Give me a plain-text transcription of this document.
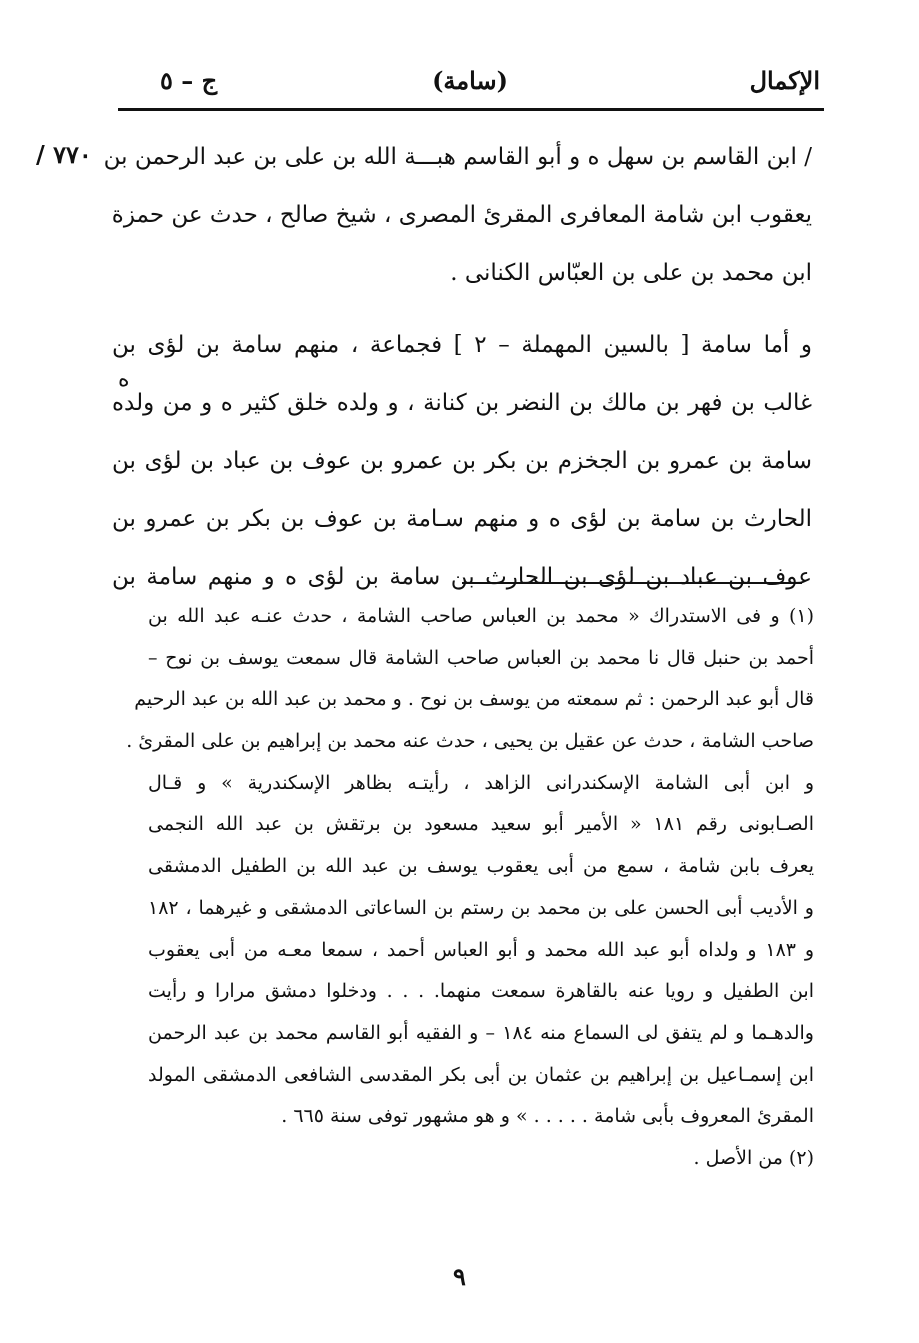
الإكمال
(سامة)
ج – ٥
٧٧٠ / / ابن القاسم بن سهل ه و أبو القاسم هبـــة الله بن على بن عبد الرحمن بن
يعقوب ابن شامة المعافرى المقرئ المصرى ، شيخ صالح ، حدث عن حمزة
ابن محمد بن على بن العبّاس الكنانى .
و أما سامة [ بالسين المهملة – ٢ ] فجماعة ، منهم سامة بن لؤى بن
غالب بن فهر بن مالك بن النضر بن كنانة ، و ولده خلق كثير ه و من ولده
سامة بن عمرو بن الجخزم بن بكر بن عمرو بن عوف بن عباد بن لؤى بن
الحارث بن سامة بن لؤى ه و منهم سـامة بن عوف بن بكر بن عمرو بن
عوف بن عباد بن لؤى بن الحارث بن سامة بن لؤى ه و منهم سامة بن
ه
(١) و فى الاستدراك « محمد بن العباس صاحب الشامة ، حدث عنـه عبد الله بن
أحمد بن حنبل قال نا محمد بن العباس صاحب الشامة قال سمعت يوسف بن نوح –
قال أبو عبد الرحمن : ثم سمعته من يوسف بن نوح . و محمد بن عبد الله بن عبد الرحيم
صاحب الشامة ، حدث عن عقيل بن يحيى ، حدث عنه محمد بن إبراهيم بن على المقرئ .
و ابن أبى الشامة الإسكندرانى الزاهد ، رأيتـه بظاهر الإسكندرية » و قـال
الصـابونى رقم ١٨١ « الأمير أبو سعيد مسعود بن برتقش بن عبد الله النجمى
يعرف بابن شامة ، سمع من أبى يعقوب يوسف بن عبد الله بن الطفيل الدمشقى
و الأديب أبى الحسن على بن محمد بن رستم بن الساعاتى الدمشقى و غيرهما ، ١٨٢
و ١٨٣ و ولداه أبو عبد الله محمد و أبو العباس أحمد ، سمعا معـه من أبى يعقوب
ابن الطفيل و رويا عنه بالقاهرة سمعت منهما. . . . ودخلوا دمشق مرارا و رأيت
والدهـما و لم يتفق لى السماع منه ١٨٤ – و الفقيه أبو القاسم محمد بن عبد الرحمن
ابن إسمـاعيل بن إبراهيم بن عثمان بن أبى بكر المقدسى الشافعى الدمشقى المولد
المقرئ المعروف بأبى شامة . . . . . » و هو مشهور توفى سنة ٦٦٥ .
(٢) من الأصل .
٩
